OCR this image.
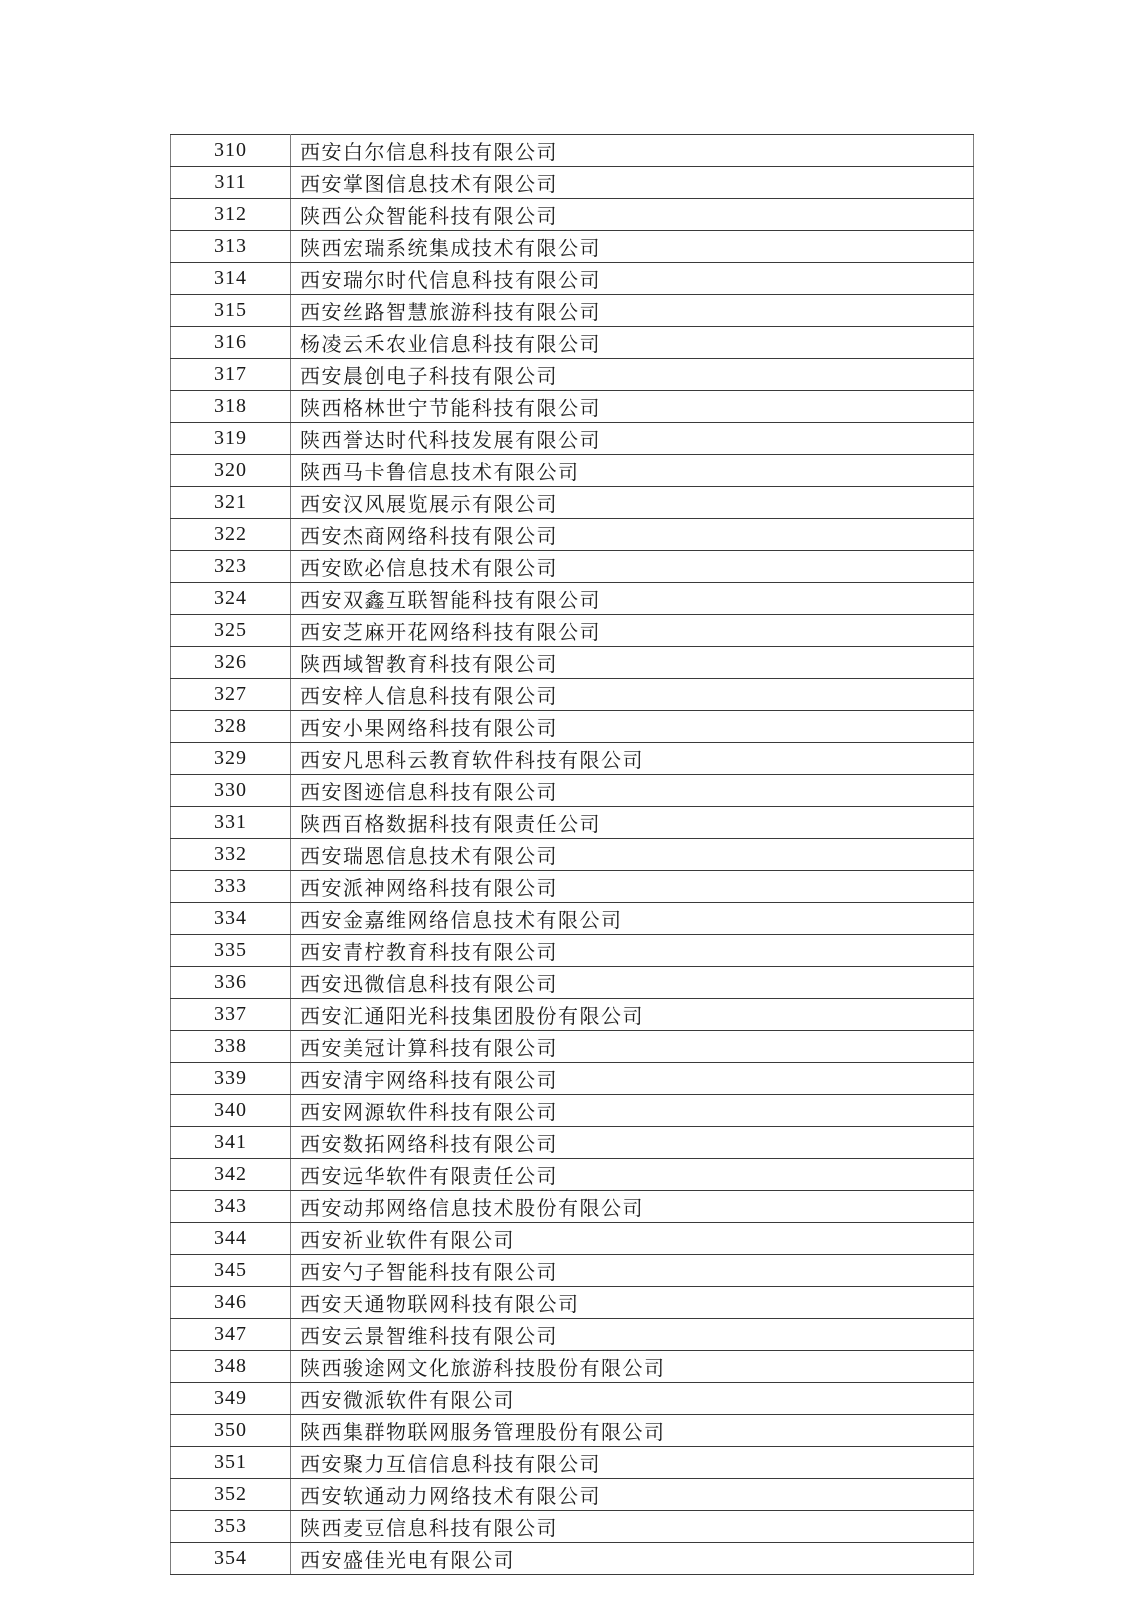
310	西安白尔信息科技有限公司
311	西安掌图信息技术有限公司
312	陕西公众智能科技有限公司
313	陕西宏瑞系统集成技术有限公司
314	西安瑞尔时代信息科技有限公司
315	西安丝路智慧旅游科技有限公司
316	杨凌云禾农业信息科技有限公司
317	西安晨创电子科技有限公司
318	陕西格林世宁节能科技有限公司
319	陕西誉达时代科技发展有限公司
320	陕西马卡鲁信息技术有限公司
321	西安汉风展览展示有限公司
322	西安杰商网络科技有限公司
323	西安欧必信息技术有限公司
324	西安双鑫互联智能科技有限公司
325	西安芝麻开花网络科技有限公司
326	陕西域智教育科技有限公司
327	西安梓人信息科技有限公司
328	西安小果网络科技有限公司
329	西安凡思科云教育软件科技有限公司
330	西安图迹信息科技有限公司
331	陕西百格数据科技有限责任公司
332	西安瑞恩信息技术有限公司
333	西安派神网络科技有限公司
334	西安金嘉维网络信息技术有限公司
335	西安青柠教育科技有限公司
336	西安迅微信息科技有限公司
337	西安汇通阳光科技集团股份有限公司
338	西安美冠计算科技有限公司
339	西安清宇网络科技有限公司
340	西安网源软件科技有限公司
341	西安数拓网络科技有限公司
342	西安远华软件有限责任公司
343	西安动邦网络信息技术股份有限公司
344	西安祈业软件有限公司
345	西安勺子智能科技有限公司
346	西安天通物联网科技有限公司
347	西安云景智维科技有限公司
348	陕西骏途网文化旅游科技股份有限公司
349	西安微派软件有限公司
350	陕西集群物联网服务管理股份有限公司
351	西安聚力互信信息科技有限公司
352	西安软通动力网络技术有限公司
353	陕西麦豆信息科技有限公司
354	西安盛佳光电有限公司
